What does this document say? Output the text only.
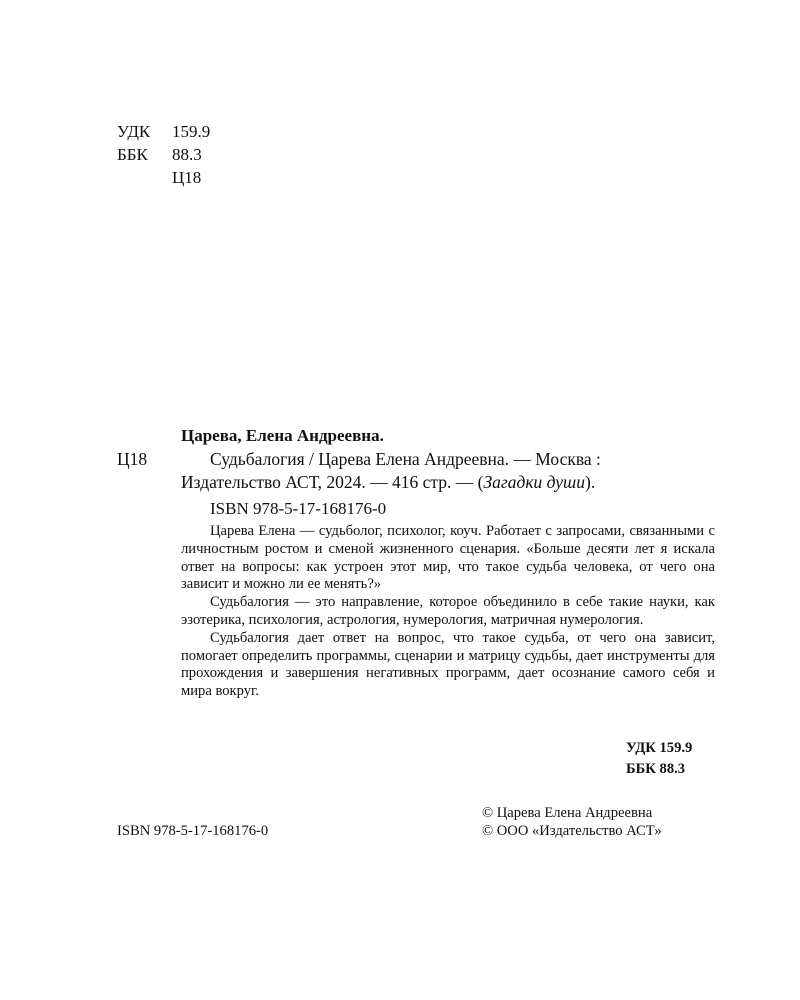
УДК 159.9
ББК 88.3
Ц18
Царева, Елена Андреевна.
Ц18	Судьбалогия / Царева Елена Андреевна. — Москва :
Издательство АСТ, 2024. — 416 стр. — (Загадки души).
ISBN 978-5-17-168176-0

Царева Елена — судьболог, психолог, коуч. Работает с запросами, связанными с личностным ростом и сменой жизненного сценария. «Больше десяти лет я искала ответ на вопросы: как устроен этот мир, что такое судьба человека, от чего она зависит и можно ли ее менять?»

Судьбалогия — это направление, которое объединило в себе такие науки, как эзотерика, психология, астрология, нумерология, матричная нумерология.

Судьбалогия дает ответ на вопрос, что такое судьба, от чего она зависит, помогает определить программы, сценарии и матрицу судьбы, дает инструменты для прохождения и завершения негативных программ, дает осознание самого себя и мира вокруг.

УДК 159.9
ББК 88.3
ISBN 978-5-17-168176-0
© Царева Елена Андреевна
© ООО «Издательство АСТ»
